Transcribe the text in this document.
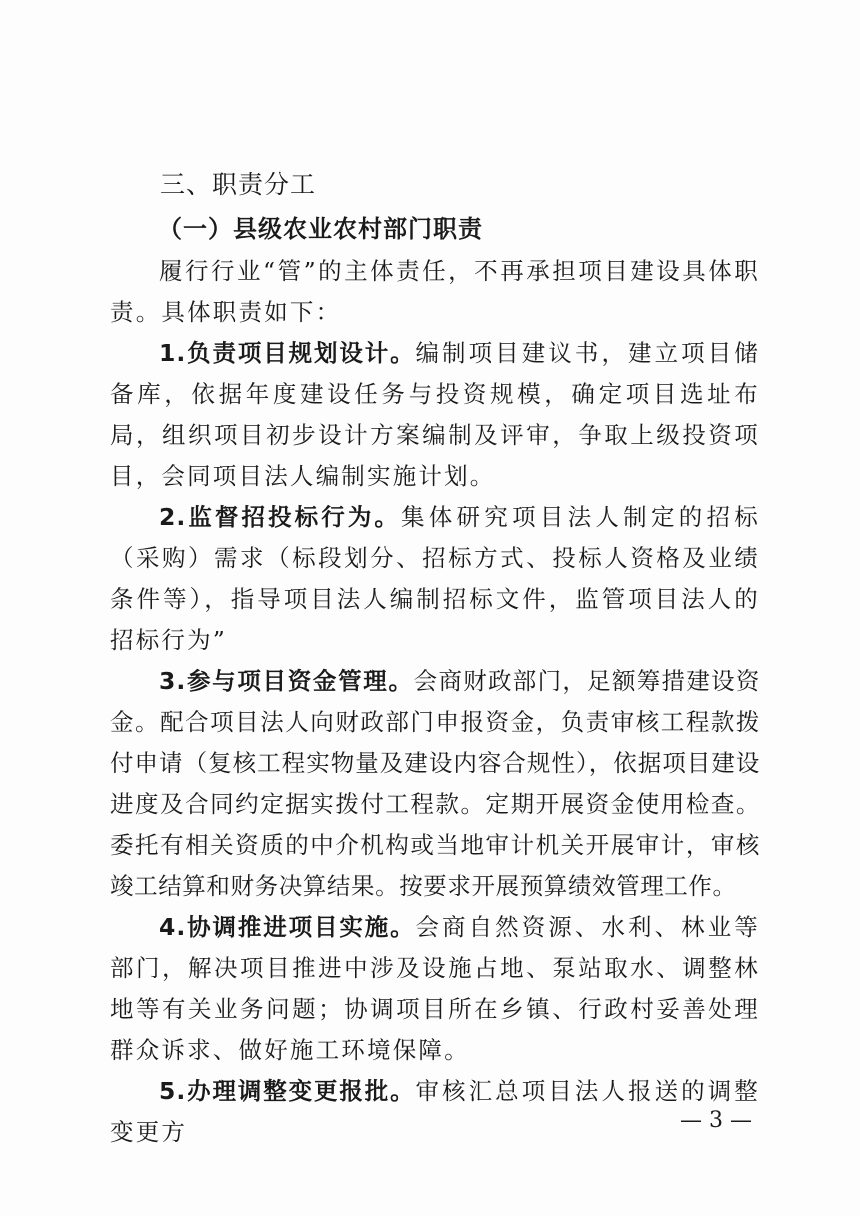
三、职责分工

（一）县级农业农村部门职责

履行行业“管”的主体责任，不再承担项目建设具体职责。具体职责如下：

1.负责项目规划设计。编制项目建议书，建立项目储备库，依据年度建设任务与投资规模，确定项目选址布局，组织项目初步设计方案编制及评审，争取上级投资项目，会同项目法人编制实施计划。

2.监督招投标行为。集体研究项目法人制定的招标（采购）需求（标段划分、招标方式、投标人资格及业绩条件等），指导项目法人编制招标文件，监管项目法人的招标行为”

3.参与项目资金管理。会商财政部门，足额筹措建设资金。配合项目法人向财政部门申报资金，负责审核工程款拨付申请（复核工程实物量及建设内容合规性），依据项目建设进度及合同约定据实拨付工程款。定期开展资金使用检查。委托有相关资质的中介机构或当地审计机关开展审计，审核竣工结算和财务决算结果。按要求开展预算绩效管理工作。

4.协调推进项目实施。会商自然资源、水利、林业等部门，解决项目推进中涉及设施占地、泵站取水、调整林地等有关业务问题；协调项目所在乡镇、行政村妥善处理群众诉求、做好施工环境保障。

5.办理调整变更报批。审核汇总项目法人报送的调整变更方	— 3 —
